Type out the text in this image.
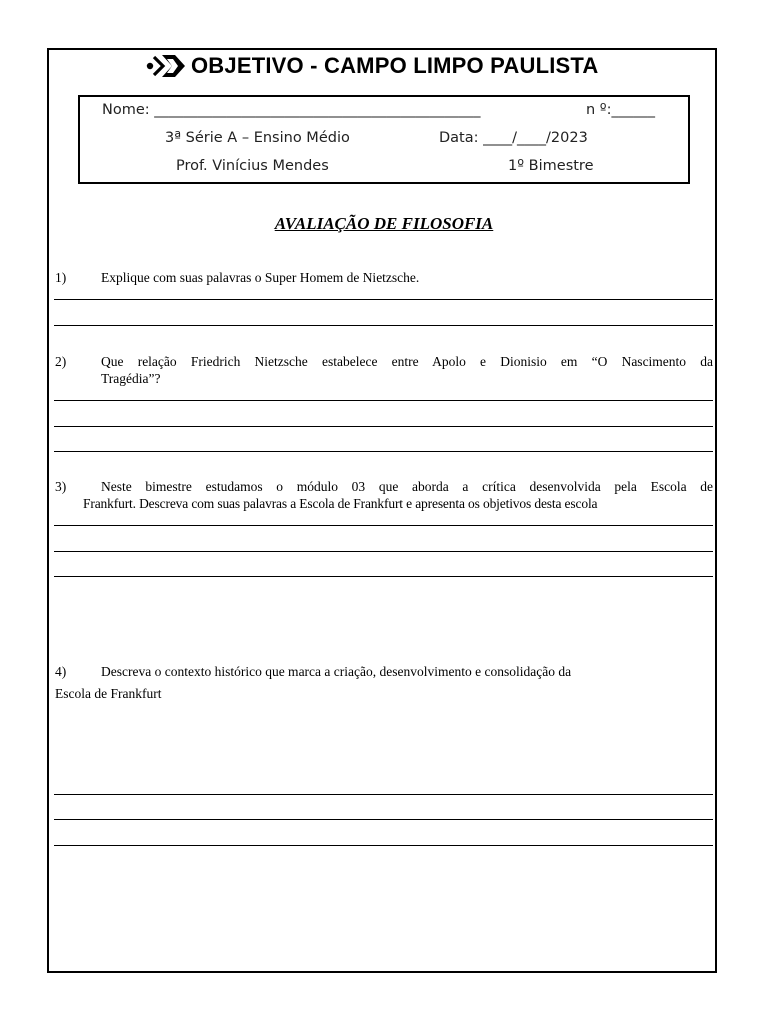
OBJETIVO - CAMPO LIMPO PAULISTA
Nome: _____________________________________________	n º:______
3ª Série A – Ensino Médio	Data: ____/____/2023
Prof. Vinícius Mendes	1º Bimestre
AVALIAÇÃO DE FILOSOFIA
1)	Explique com suas palavras o Super Homem de Nietzsche.
2)	Que relação Friedrich Nietzsche estabelece entre Apolo e Dionisio em “O Nascimento da
Tragédia”?
3)	Neste bimestre estudamos o módulo 03 que aborda a crítica desenvolvida pela Escola de
Frankfurt. Descreva com suas palavras a Escola de Frankfurt e apresenta os objetivos desta escola
4)	Descreva o contexto histórico que marca a criação, desenvolvimento e consolidação da
Escola de Frankfurt
